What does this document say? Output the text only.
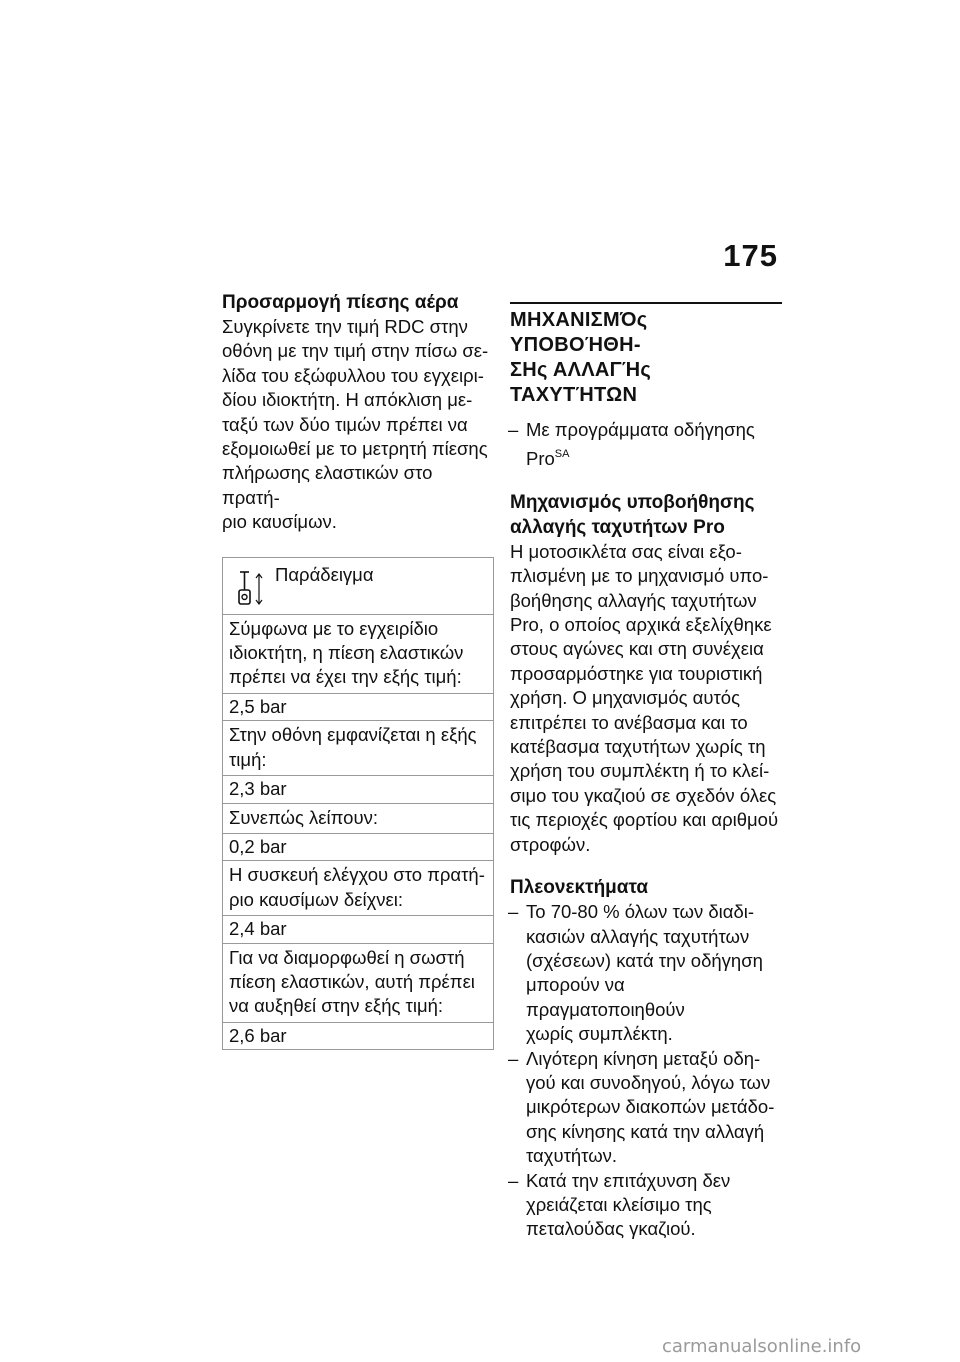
175
Προσαρμογή πίεσης αέρα

Συγκρίνετε την τιμή RDC στην
οθόνη με την τιμή στην πίσω σε-
λίδα του εξώφυλλου του εγχειρι-
δίου ιδιοκτήτη. Η απόκλιση με-
ταξύ των δύο τιμών πρέπει να
εξομοιωθεί με το μετρητή πίεσης
πλήρωσης ελαστικών στο πρατή-
ριο καυσίμων.

Παράδειγμα
Σύμφωνα με το εγχειρίδιο
ιδιοκτήτη, η πίεση ελαστικών
πρέπει να έχει την εξής τιμή:
2,5 bar
Στην οθόνη εμφανίζεται η εξής
τιμή:
2,3 bar
Συνεπώς λείπουν:
0,2 bar
Η συσκευή ελέγχου στο πρατή-
ριο καυσίμων δείχνει:
2,4 bar
Για να διαμορφωθεί η σωστή
πίεση ελαστικών, αυτή πρέπει
να αυξηθεί στην εξής τιμή:
2,6 bar
ΜΗΧΑΝΙΣΜΌς ΥΠΟΒΟΉΘΗ-
ΣΗς ΑΛΛΑΓΉς ΤΑΧΥΤΉΤΩΝ
– Με προγράμματα οδήγησης
Pro$^{SA}$
Μηχανισμός υποβοήθησης
αλλαγής ταχυτήτων Pro

Η μοτοσικλέτα σας είναι εξο-
πλισμένη με το μηχανισμό υπο-
βοήθησης αλλαγής ταχυτήτων
Pro, ο οποίος αρχικά εξελίχθηκε
στους αγώνες και στη συνέχεια
προσαρμόστηκε για τουριστική
χρήση. Ο μηχανισμός αυτός
επιτρέπει το ανέβασμα και το
κατέβασμα ταχυτήτων χωρίς τη
χρήση του συμπλέκτη ή το κλεί-
σιμο του γκαζιού σε σχεδόν όλες
τις περιοχές φορτίου και αριθμού
στροφών.

Πλεονεκτήματα
– Το 70-80 % όλων των διαδι-
κασιών αλλαγής ταχυτήτων
(σχέσεων) κατά την οδήγηση
μπορούν να πραγματοποιηθούν
χωρίς συμπλέκτη.
– Λιγότερη κίνηση μεταξύ οδη-
γού και συνοδηγού, λόγω των
μικρότερων διακοπών μετάδο-
σης κίνησης κατά την αλλαγή
ταχυτήτων.
– Κατά την επιτάχυνση δεν
χρειάζεται κλείσιμο της
πεταλούδας γκαζιού.
carmanualsonline.info
